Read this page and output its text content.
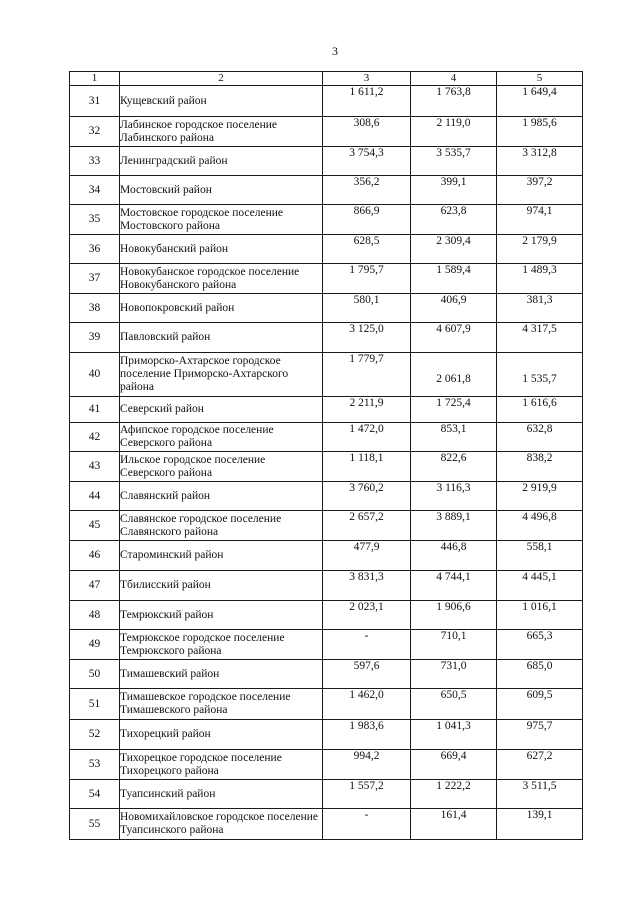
3
1	2	3	4	5
31	Кущевский район	1 611,2	1 763,8	1 649,4
32	Лабинское городское поселение Лабинского района	308,6	2 119,0	1 985,6
33	Ленинградский район	3 754,3	3 535,7	3 312,8
34	Мостовский район	356,2	399,1	397,2
35	Мостовское городское поселение Мостовского района	866,9	623,8	974,1
36	Новокубанский район	628,5	2 309,4	2 179,9
37	Новокубанское городское поселение Новокубанского района	1 795,7	1 589,4	1 489,3
38	Новопокровский район	580,1	406,9	381,3
39	Павловский район	3 125,0	4 607,9	4 317,5
40	Приморско-Ахтарское городское поселение Приморско-Ахтарского района	1 779,7	2 061,8	1 535,7
41	Северский район	2 211,9	1 725,4	1 616,6
42	Афипское городское поселение Северского района	1 472,0	853,1	632,8
43	Ильское городское поселение Северского района	1 118,1	822,6	838,2
44	Славянский район	3 760,2	3 116,3	2 919,9
45	Славянское городское поселение Славянского района	2 657,2	3 889,1	4 496,8
46	Староминский район	477,9	446,8	558,1
47	Тбилисский район	3 831,3	4 744,1	4 445,1
48	Темрюкский район	2 023,1	1 906,6	1 016,1
49	Темрюкское городское поселение Темрюкского района	-	710,1	665,3
50	Тимашевский район	597,6	731,0	685,0
51	Тимашевское городское поселение Тимашевского района	1 462,0	650,5	609,5
52	Тихорецкий район	1 983,6	1 041,3	975,7
53	Тихорецкое городское поселение Тихорецкого района	994,2	669,4	627,2
54	Туапсинский район	1 557,2	1 222,2	3 511,5
55	Новомихайловское городское поселение Туапсинского района	-	161,4	139,1
